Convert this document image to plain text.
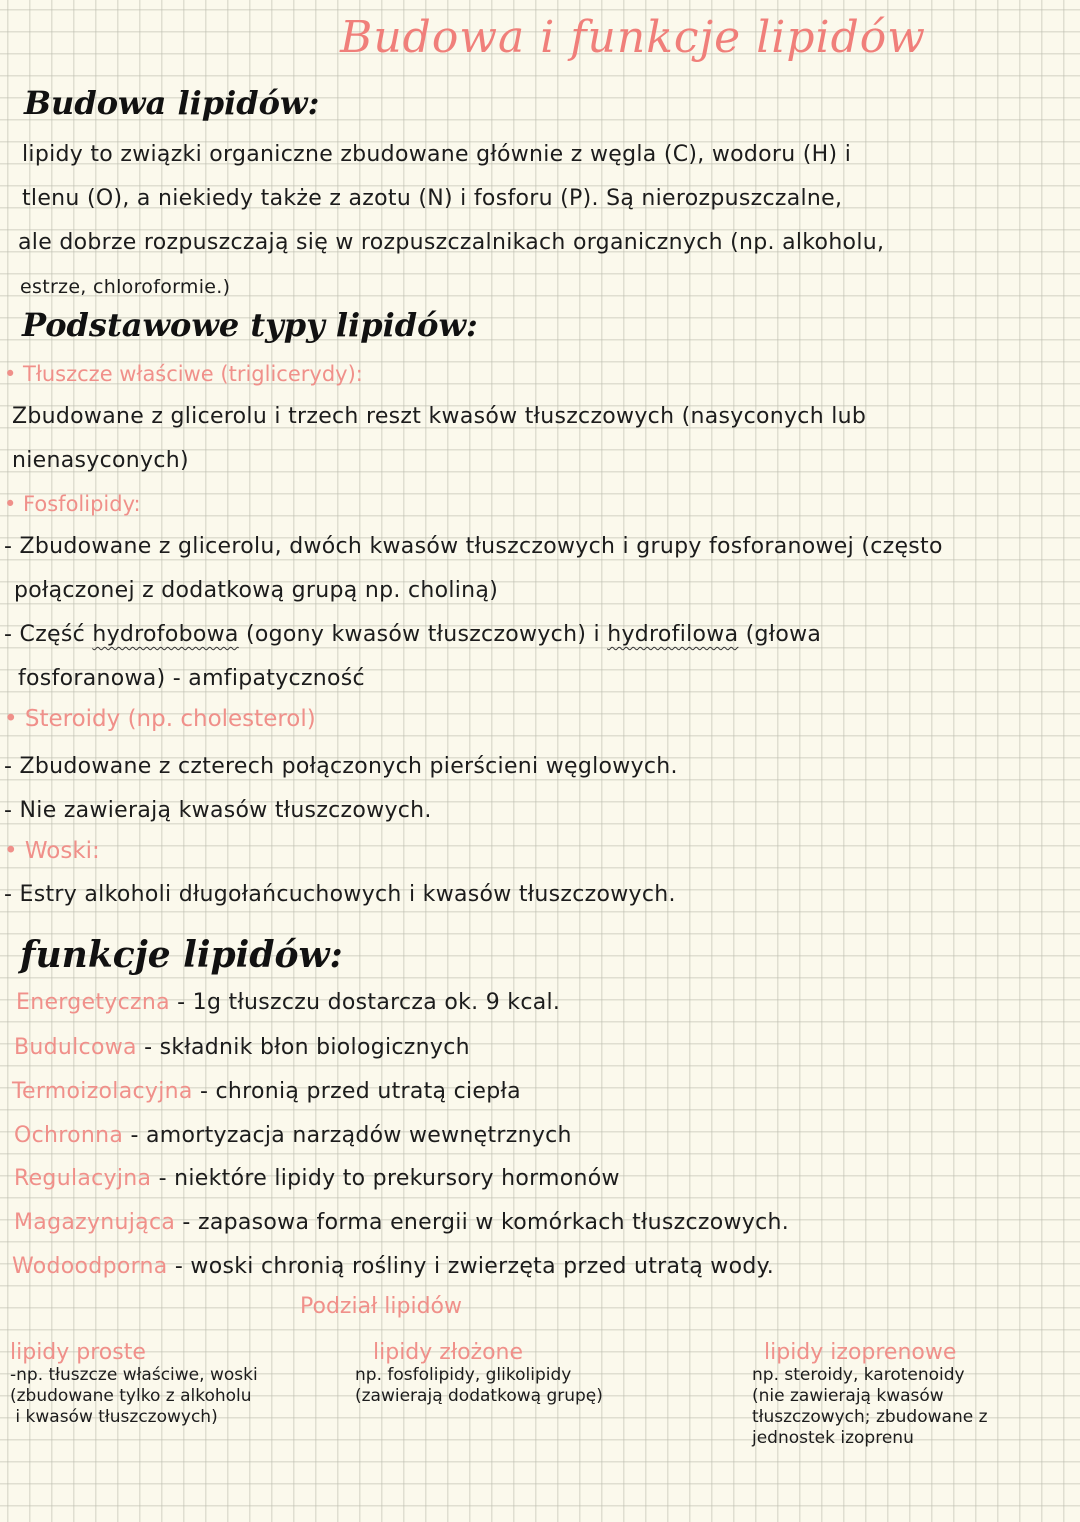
Budowa i funkcje lipidów
Budowa lipidów:
lipidy to związki organiczne zbudowane głównie z węgla (C), wodoru (H) i
tlenu (O), a niekiedy także z azotu (N) i fosforu (P). Są nierozpuszczalne,
ale dobrze rozpuszczają się w rozpuszczalnikach organicznych (np. alkoholu,
estrze, chloroformie.)
Podstawowe typy lipidów:
• Tłuszcze właściwe (triglicerydy):
Zbudowane z glicerolu i trzech reszt kwasów tłuszczowych (nasyconych lub
nienasyconych)
• Fosfolipidy:
- Zbudowane z glicerolu, dwóch kwasów tłuszczowych i grupy fosforanowej (często
połączonej z dodatkową grupą np. choliną)
- Część hydrofobowa (ogony kwasów tłuszczowych) i hydrofilowa (głowa
fosforanowa) - amfipatyczność
• Steroidy (np. cholesterol)
- Zbudowane z czterech połączonych pierścieni węglowych.
- Nie zawierają kwasów tłuszczowych.
• Woski:
- Estry alkoholi długołańcuchowych i kwasów tłuszczowych.
funkcje lipidów:
Energetyczna - 1g tłuszczu dostarcza ok. 9 kcal.
Budulcowa - składnik błon biologicznych
Termoizolacyjna - chronią przed utratą ciepła
Ochronna - amortyzacja narządów wewnętrznych
Regulacyjna - niektóre lipidy to prekursory hormonów
Magazynująca - zapasowa forma energii w komórkach tłuszczowych.
Wodoodporna - woski chronią rośliny i zwierzęta przed utratą wody.
Podział lipidów
lipidy proste
-np. tłuszcze właściwe, woski
(zbudowane tylko z alkoholu
i kwasów tłuszczowych)
lipidy złożone
np. fosfolipidy, glikolipidy
(zawierają dodatkową grupę)
lipidy izoprenowe
np. steroidy, karotenoidy
(nie zawierają kwasów
tłuszczowych; zbudowane z
jednostek izoprenu
